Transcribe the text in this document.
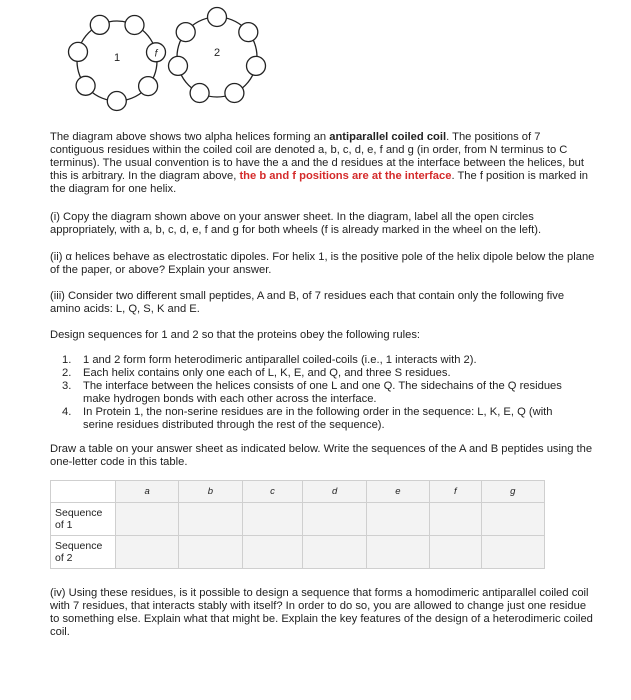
f
1	2

The diagram above shows two alpha helices forming an antiparallel coiled coil. The positions of 7 contiguous residues within the coiled coil are denoted a, b, c, d, e, f and g (in order, from N terminus to C terminus). The usual convention is to have the a and the d residues at the interface between the helices, but this is arbitrary. In the diagram above, the b and f positions are at the interface. The f position is marked in the diagram for one helix.

(i) Copy the diagram shown above on your answer sheet. In the diagram, label all the open circles appropriately, with a, b, c, d, e, f and g for both wheels (f is already marked in the wheel on the left).

(ii) α helices behave as electrostatic dipoles. For helix 1, is the positive pole of the helix dipole below the plane of the paper, or above? Explain your answer.

(iii) Consider two different small peptides, A and B, of 7 residues each that contain only the following five amino acids: L, Q, S, K and E.

Design sequences for 1 and 2 so that the proteins obey the following rules:

1.	1 and 2 form form heterodimeric antiparallel coiled-coils (i.e., 1 interacts with 2).
2.	Each helix contains only one each of L, K, E, and Q, and three S residues.
3.	The interface between the helices consists of one L and one Q. The sidechains of the Q residues make hydrogen bonds with each other across the interface.
4.	In Protein 1, the non-serine residues are in the following order in the sequence: L, K, E, Q (with serine residues distributed through the rest of the sequence).

Draw a table on your answer sheet as indicated below. Write the sequences of the A and B peptides using the one-letter code in this table.

	a	b	c	d	e	f	g
Sequence of 1							
Sequence of 2							

(iv) Using these residues, is it possible to design a sequence that forms a homodimeric antiparallel coiled coil with 7 residues, that interacts stably with itself? In order to do so, you are allowed to change just one residue to something else. Explain what that might be. Explain the key features of the design of a heterodimeric coiled coil.
